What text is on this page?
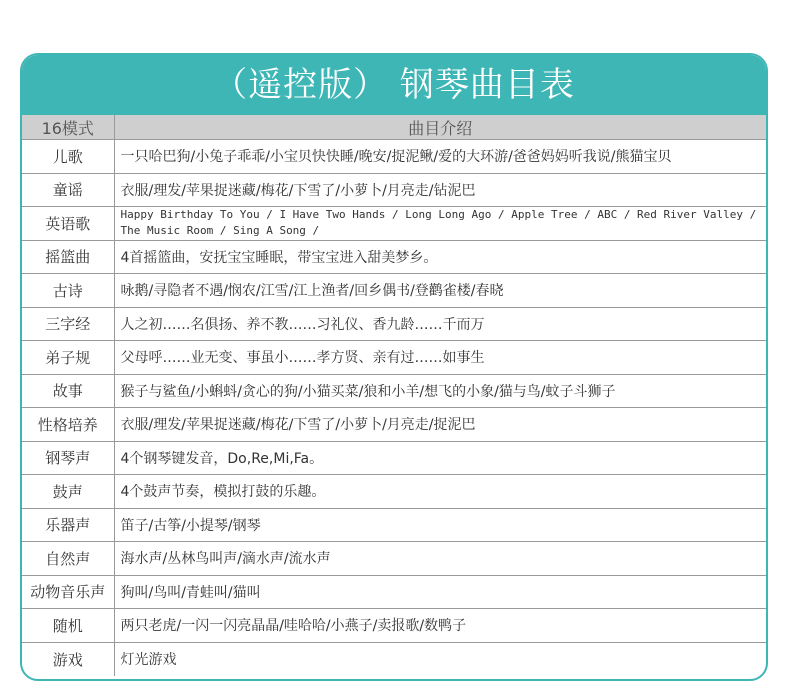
（遥控版） 钢琴曲目表
16模式	曲目介绍
儿歌	一只哈巴狗/小兔子乖乖/小宝贝快快睡/晚安/捉泥鳅/爱的大环游/爸爸妈妈听我说/熊猫宝贝
童谣	衣服/理发/苹果捉迷藏/梅花/下雪了/小萝卜/月亮走/钻泥巴
英语歌	Happy Birthday To You / I Have Two Hands / Long Long Ago / Apple Tree / ABC / Red River Valley / The Music Room / Sing A Song /
摇篮曲	4首摇篮曲，安抚宝宝睡眠，带宝宝进入甜美梦乡。
古诗	咏鹅/寻隐者不遇/悯农/江雪/江上渔者/回乡偶书/登鹳雀楼/春晓
三字经	人之初……名俱扬、养不教……习礼仪、香九龄……千而万
弟子规	父母呼……业无变、事虽小……孝方贤、亲有过……如事生
故事	猴子与鲨鱼/小蝌蚪/贪心的狗/小猫买菜/狼和小羊/想飞的小象/猫与鸟/蚊子斗狮子
性格培养	衣服/理发/苹果捉迷藏/梅花/下雪了/小萝卜/月亮走/捉泥巴
钢琴声	4个钢琴键发音，Do,Re,Mi,Fa。
鼓声	4个鼓声节奏，模拟打鼓的乐趣。
乐器声	笛子/古筝/小提琴/钢琴
自然声	海水声/丛林鸟叫声/滴水声/流水声
动物音乐声	狗叫/鸟叫/青蛙叫/猫叫
随机	两只老虎/一闪一闪亮晶晶/哇哈哈/小燕子/卖报歌/数鸭子
游戏	灯光游戏
